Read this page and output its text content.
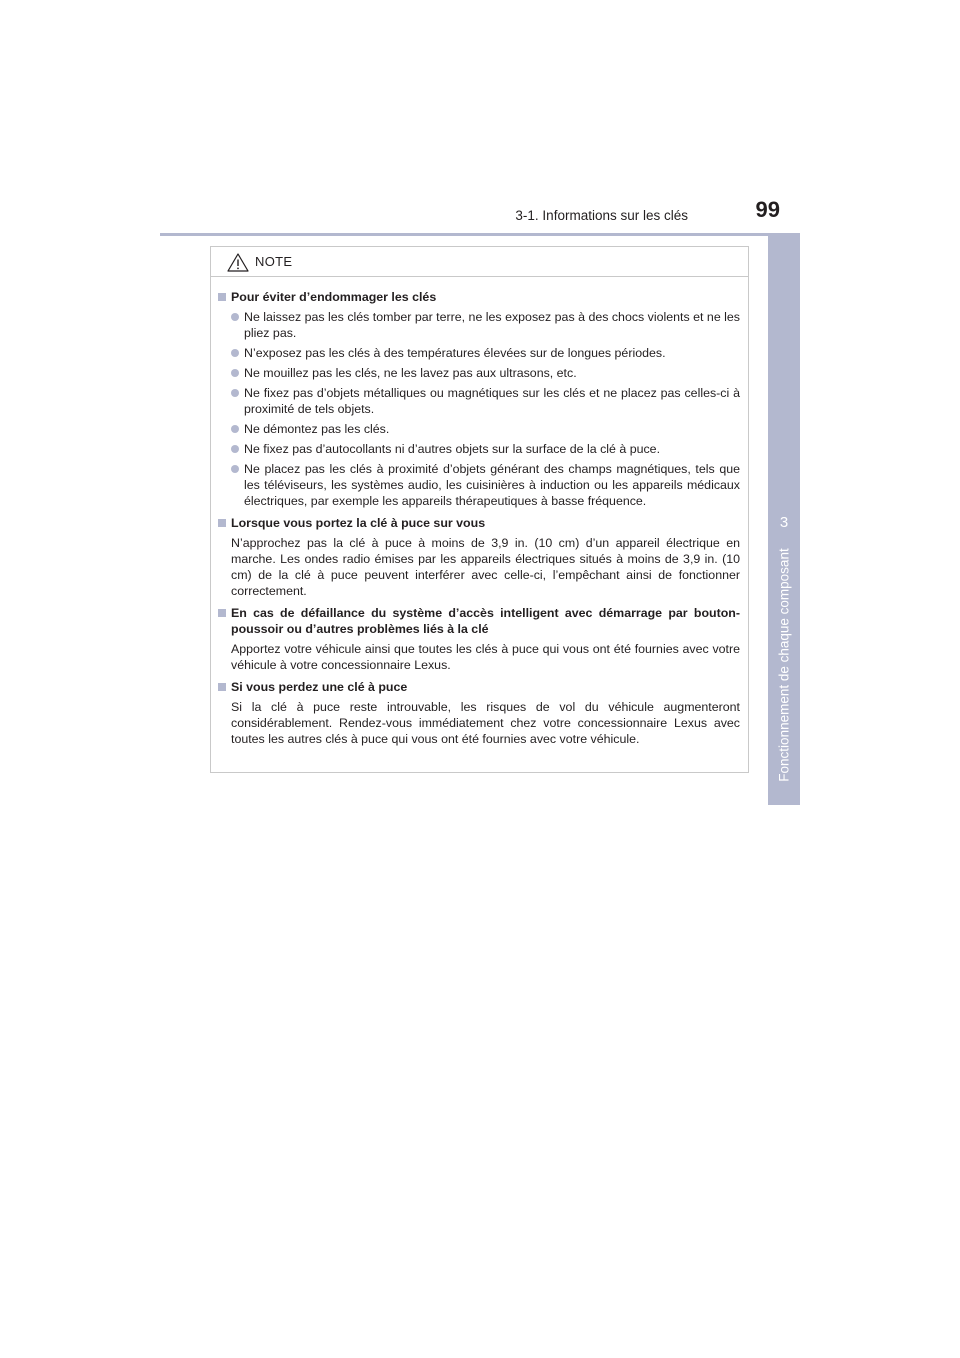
3-1. Informations sur les clés	99
3
Fonctionnement de chaque composant
NOTE
Pour éviter d’endommager les clés
Ne laissez pas les clés tomber par terre, ne les exposez pas à des chocs violents et ne les pliez pas.
N’exposez pas les clés à des températures élevées sur de longues périodes.
Ne mouillez pas les clés, ne les lavez pas aux ultrasons, etc.
Ne fixez pas d’objets métalliques ou magnétiques sur les clés et ne placez pas celles-ci à proximité de tels objets.
Ne démontez pas les clés.
Ne fixez pas d’autocollants ni d’autres objets sur la surface de la clé à puce.
Ne placez pas les clés à proximité d’objets générant des champs magnétiques, tels que les téléviseurs, les systèmes audio, les cuisinières à induction ou les appareils médicaux électriques, par exemple les appareils thérapeutiques à basse fréquence.
Lorsque vous portez la clé à puce sur vous
N’approchez pas la clé à puce à moins de 3,9 in. (10 cm) d’un appareil électrique en marche. Les ondes radio émises par les appareils électriques situés à moins de 3,9 in. (10 cm) de la clé à puce peuvent interférer avec celle-ci, l’empêchant ainsi de fonctionner correctement.
En cas de défaillance du système d’accès intelligent avec démarrage par bouton-poussoir ou d’autres problèmes liés à la clé
Apportez votre véhicule ainsi que toutes les clés à puce qui vous ont été fournies avec votre véhicule à votre concessionnaire Lexus.
Si vous perdez une clé à puce
Si la clé à puce reste introuvable, les risques de vol du véhicule augmenteront considérablement. Rendez-vous immédiatement chez votre concessionnaire Lexus avec toutes les autres clés à puce qui vous ont été fournies avec votre véhicule.
